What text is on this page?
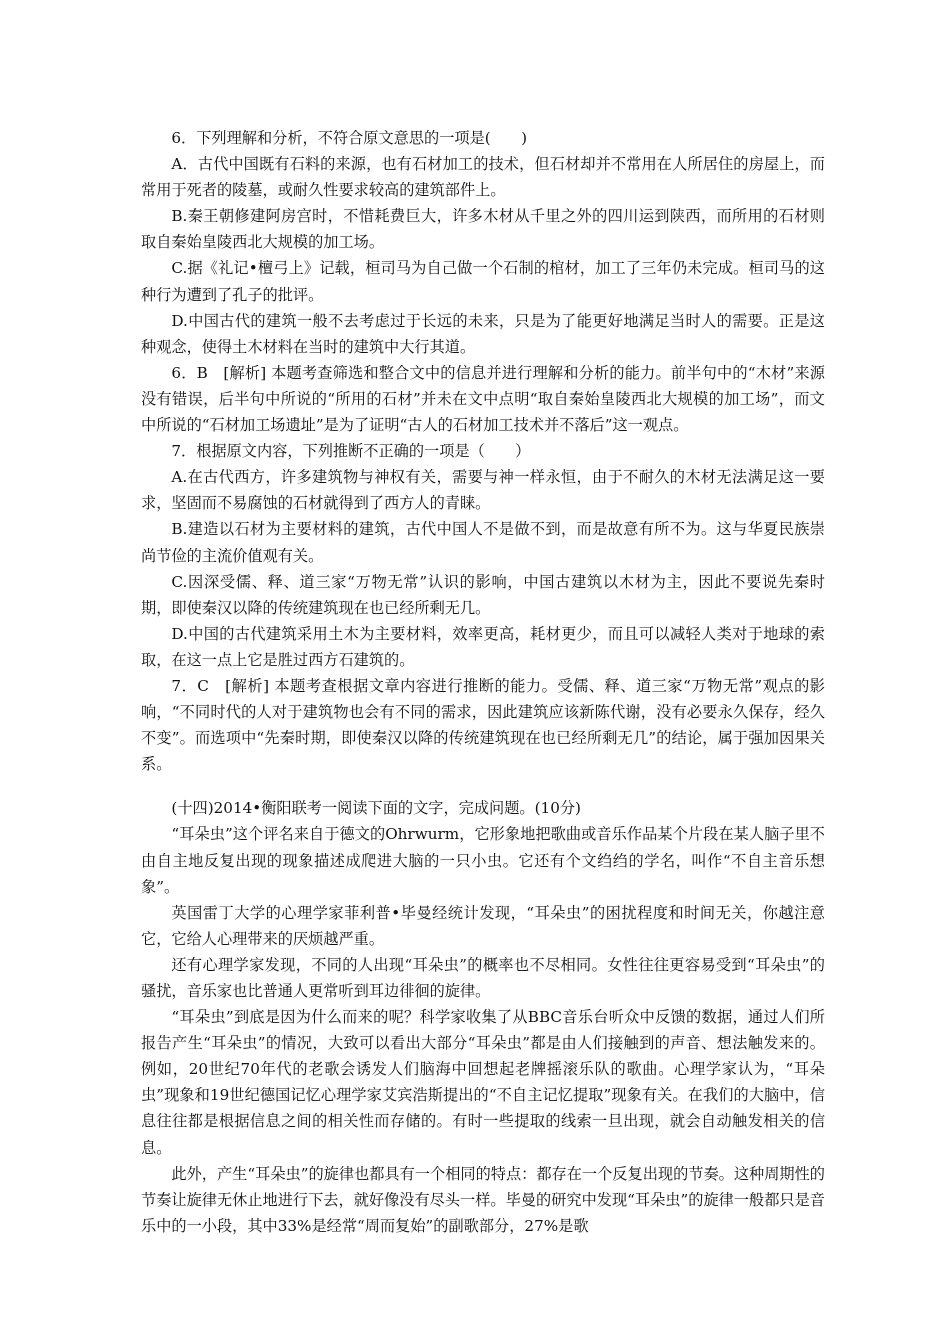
6．下列理解和分析，不符合原文意思的一项是(　　)

A．古代中国既有石料的来源，也有石材加工的技术，但石材却并不常用在人所居住的房屋上，而常用于死者的陵墓，或耐久性要求较高的建筑部件上。

B.秦王朝修建阿房宫时，不惜耗费巨大，许多木材从千里之外的四川运到陕西，而所用的石材则取自秦始皇陵西北大规模的加工场。

C.据《礼记•檀弓上》记载，桓司马为自己做一个石制的棺材，加工了三年仍未完成。桓司马的这种行为遭到了孔子的批评。

D.中国古代的建筑一般不去考虑过于长远的未来，只是为了能更好地满足当时人的需要。正是这种观念，使得土木材料在当时的建筑中大行其道。

6．B　[解析] 本题考查筛选和整合文中的信息并进行理解和分析的能力。前半句中的“木材”来源没有错误，后半句中所说的“所用的石材”并未在文中点明“取自秦始皇陵西北大规模的加工场”，而文中所说的“石材加工场遗址”是为了证明“古人的石材加工技术并不落后”这一观点。

7．根据原文内容，下列推断不正确的一项是（　　）

A.在古代西方，许多建筑物与神权有关，需要与神一样永恒，由于不耐久的木材无法满足这一要求，坚固而不易腐蚀的石材就得到了西方人的青睐。

B.建造以石材为主要材料的建筑，古代中国人不是做不到，而是故意有所不为。这与华夏民族崇尚节俭的主流价值观有关。

C.因深受儒、释、道三家“万物无常”认识的影响，中国古建筑以木材为主，因此不要说先秦时期，即使秦汉以降的传统建筑现在也已经所剩无几。

D.中国的古代建筑采用土木为主要材料，效率更高，耗材更少，而且可以减轻人类对于地球的索取，在这一点上它是胜过西方石建筑的。

7．C　[解析] 本题考查根据文章内容进行推断的能力。受儒、释、道三家“万物无常”观点的影响，“不同时代的人对于建筑物也会有不同的需求，因此建筑应该新陈代谢，没有必要永久保存，经久不变”。而选项中“先秦时期，即使秦汉以降的传统建筑现在也已经所剩无几”的结论，属于强加因果关系。

(十四)2014•衡阳联考一阅读下面的文字，完成问题。(10分)

“耳朵虫”这个评名来自于德文的Ohrwurm，它形象地把歌曲或音乐作品某个片段在某人脑子里不由自主地反复出现的现象描述成爬进大脑的一只小虫。它还有个文绉绉的学名，叫作“不自主音乐想象”。

英国雷丁大学的心理学家菲利普•毕曼经统计发现，“耳朵虫”的困扰程度和时间无关，你越注意它，它给人心理带来的厌烦越严重。

还有心理学家发现，不同的人出现“耳朵虫”的概率也不尽相同。女性往往更容易受到“耳朵虫”的骚扰，音乐家也比普通人更常听到耳边徘徊的旋律。

“耳朵虫”到底是因为什么而来的呢？科学家收集了从BBC音乐台听众中反馈的数据，通过人们所报告产生“耳朵虫”的情况，大致可以看出大部分“耳朵虫”都是由人们接触到的声音、想法触发来的。例如，20世纪70年代的老歌会诱发人们脑海中回想起老牌摇滚乐队的歌曲。心理学家认为，“耳朵虫”现象和19世纪德国记忆心理学家艾宾浩斯提出的“不自主记忆提取”现象有关。在我们的大脑中，信息往往都是根据信息之间的相关性而存储的。有时一些提取的线索一旦出现，就会自动触发相关的信息。

此外，产生“耳朵虫”的旋律也都具有一个相同的特点：都存在一个反复出现的节奏。这种周期性的节奏让旋律无休止地进行下去，就好像没有尽头一样。毕曼的研究中发现“耳朵虫”的旋律一般都只是音乐中的一小段，其中33%是经常“周而复始”的副歌部分，27%是歌
